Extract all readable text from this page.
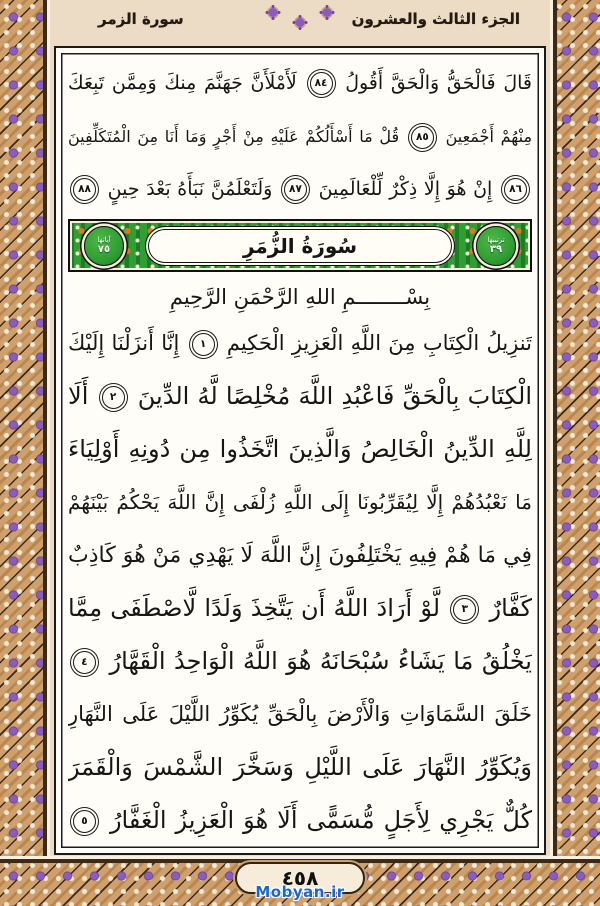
سورة الزمر	الجزء الثالث والعشرون
قَالَ فَالْحَقُّ وَالْحَقَّ أَقُولُ ٨٤ لَأَمْلَأَنَّ جَهَنَّمَ مِنكَ وَمِمَّن تَبِعَكَ
مِنْهُمْ أَجْمَعِينَ ٨٥ قُلْ مَا أَسْأَلُكُمْ عَلَيْهِ مِنْ أَجْرٍ وَمَا أَنَا مِنَ الْمُتَكَلِّفِينَ
٨٦ إِنْ هُوَ إِلَّا ذِكْرٌ لِّلْعَالَمِينَ ٨٧ وَلَتَعْلَمُنَّ نَبَأَهُ بَعْدَ حِينٍ ٨٨
آياتها
٧٥	سُورَةُ الزُّمَرِ	ترتيبها
٣٩
بِسْــــــــمِ اللهِ الرَّحْمَنِ الرَّحِيمِ
تَنزِيلُ الْكِتَابِ مِنَ اللَّهِ الْعَزِيزِ الْحَكِيمِ ١ إِنَّا أَنزَلْنَا إِلَيْكَ
الْكِتَابَ بِالْحَقِّ فَاعْبُدِ اللَّهَ مُخْلِصًا لَّهُ الدِّينَ ٢ أَلَا
لِلَّهِ الدِّينُ الْخَالِصُ وَالَّذِينَ اتَّخَذُوا مِن دُونِهِ أَوْلِيَاءَ
مَا نَعْبُدُهُمْ إِلَّا لِيُقَرِّبُونَا إِلَى اللَّهِ زُلْفَى إِنَّ اللَّهَ يَحْكُمُ بَيْنَهُمْ
فِي مَا هُمْ فِيهِ يَخْتَلِفُونَ إِنَّ اللَّهَ لَا يَهْدِي مَنْ هُوَ كَاذِبٌ
كَفَّارٌ ٣ لَّوْ أَرَادَ اللَّهُ أَن يَتَّخِذَ وَلَدًا لَّاصْطَفَى مِمَّا
يَخْلُقُ مَا يَشَاءُ سُبْحَانَهُ هُوَ اللَّهُ الْوَاحِدُ الْقَهَّارُ ٤
خَلَقَ السَّمَاوَاتِ وَالْأَرْضَ بِالْحَقِّ يُكَوِّرُ اللَّيْلَ عَلَى النَّهَارِ
وَيُكَوِّرُ النَّهَارَ عَلَى اللَّيْلِ وَسَخَّرَ الشَّمْسَ وَالْقَمَرَ
كُلٌّ يَجْرِي لِأَجَلٍ مُّسَمًّى أَلَا هُوَ الْعَزِيزُ الْغَفَّارُ ٥
٤٥٨
Mobyan.ir
